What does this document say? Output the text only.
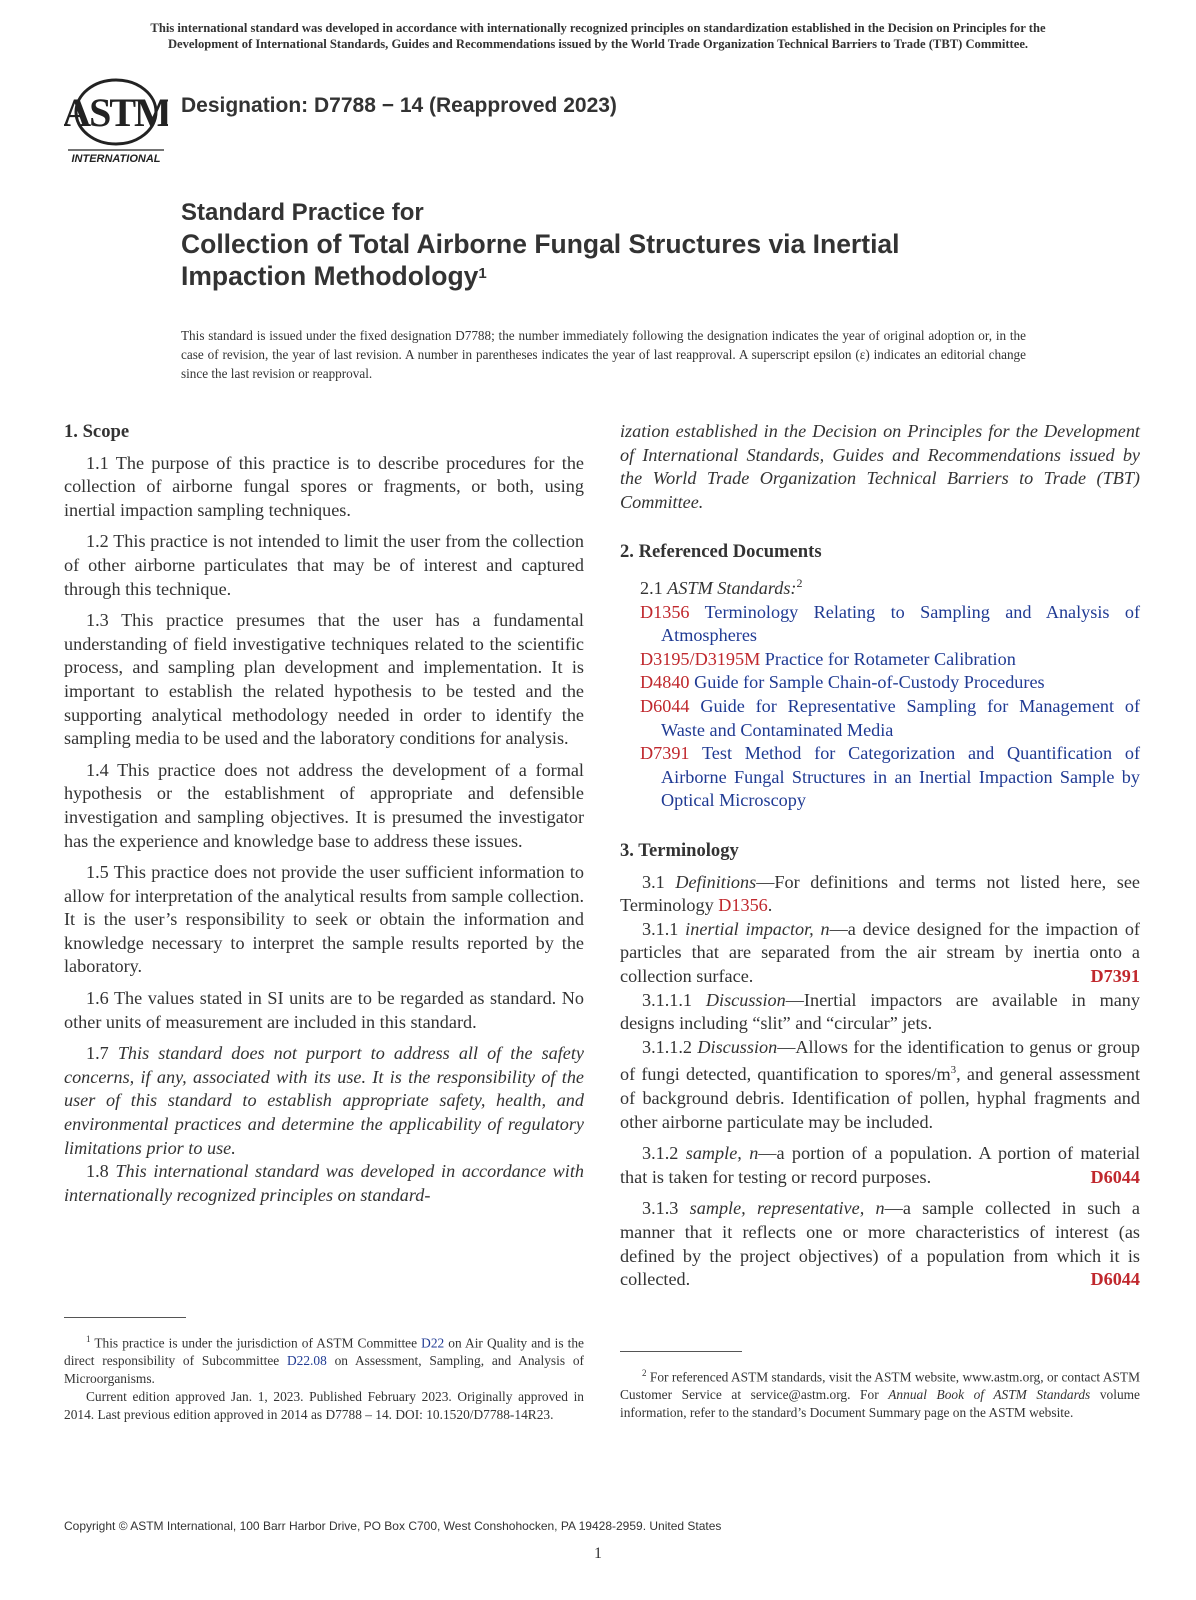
This international standard was developed in accordance with internationally recognized principles on standardization established in the Decision on Principles for the
Development of International Standards, Guides and Recommendations issued by the World Trade Organization Technical Barriers to Trade (TBT) Committee.
ASTM
INTERNATIONAL
Designation: D7788 − 14 (Reapproved 2023)
Standard Practice for
Collection of Total Airborne Fungal Structures via Inertial
Impaction Methodology$^1$
This standard is issued under the fixed designation D7788; the number immediately following the designation indicates the year of original adoption or, in the case of revision, the year of last revision. A number in parentheses indicates the year of last reapproval. A superscript epsilon (ε) indicates an editorial change since the last revision or reapproval.

1. Scope

1.1 The purpose of this practice is to describe procedures for the collection of airborne fungal spores or fragments, or both, using inertial impaction sampling techniques.

1.2 This practice is not intended to limit the user from the collection of other airborne particulates that may be of interest and captured through this technique.

1.3 This practice presumes that the user has a fundamental understanding of field investigative techniques related to the scientific process, and sampling plan development and implementation. It is important to establish the related hypothesis to be tested and the supporting analytical methodology needed in order to identify the sampling media to be used and the laboratory conditions for analysis.

1.4 This practice does not address the development of a formal hypothesis or the establishment of appropriate and defensible investigation and sampling objectives. It is presumed the investigator has the experience and knowledge base to address these issues.

1.5 This practice does not provide the user sufficient information to allow for interpretation of the analytical results from sample collection. It is the user’s responsibility to seek or obtain the information and knowledge necessary to interpret the sample results reported by the laboratory.

1.6 The values stated in SI units are to be regarded as standard. No other units of measurement are included in this standard.

1.7 This standard does not purport to address all of the safety concerns, if any, associated with its use. It is the responsibility of the user of this standard to establish appropriate safety, health, and environmental practices and determine the applicability of regulatory limitations prior to use.

1.8 This international standard was developed in accordance with internationally recognized principles on standard-

ization established in the Decision on Principles for the Development of International Standards, Guides and Recommendations issued by the World Trade Organization Technical Barriers to Trade (TBT) Committee.

2. Referenced Documents

2.1 ASTM Standards:$^2$

D1356 Terminology Relating to Sampling and Analysis of Atmospheres

D3195/D3195M Practice for Rotameter Calibration

D4840 Guide for Sample Chain-of-Custody Procedures

D6044 Guide for Representative Sampling for Management of Waste and Contaminated Media

D7391 Test Method for Categorization and Quantification of Airborne Fungal Structures in an Inertial Impaction Sample by Optical Microscopy

3. Terminology

3.1 Definitions—For definitions and terms not listed here, see Terminology D1356.

3.1.1 inertial impactor, n—a device designed for the impaction of particles that are separated from the air stream by inertia onto a collection surface.	D7391

3.1.1.1 Discussion—Inertial impactors are available in many designs including “slit” and “circular” jets.

3.1.1.2 Discussion—Allows for the identification to genus or group of fungi detected, quantification to spores/$m^3$, and general assessment of background debris. Identification of pollen, hyphal fragments and other airborne particulate may be included.

3.1.2 sample, n—a portion of a population. A portion of material that is taken for testing or record purposes.	D6044

3.1.3 sample, representative, n—a sample collected in such a manner that it reflects one or more characteristics of interest (as defined by the project objectives) of a population from which it is collected.	D6044

$^1$ This practice is under the jurisdiction of ASTM Committee D22 on Air Quality and is the direct responsibility of Subcommittee D22.08 on Assessment, Sampling, and Analysis of Microorganisms.

Current edition approved Jan. 1, 2023. Published February 2023. Originally approved in 2014. Last previous edition approved in 2014 as D7788 – 14. DOI: 10.1520/D7788-14R23.

$^2$ For referenced ASTM standards, visit the ASTM website, www.astm.org, or contact ASTM Customer Service at service@astm.org. For Annual Book of ASTM Standards volume information, refer to the standard’s Document Summary page on the ASTM website.

Copyright © ASTM International, 100 Barr Harbor Drive, PO Box C700, West Conshohocken, PA 19428-2959. United States
1
